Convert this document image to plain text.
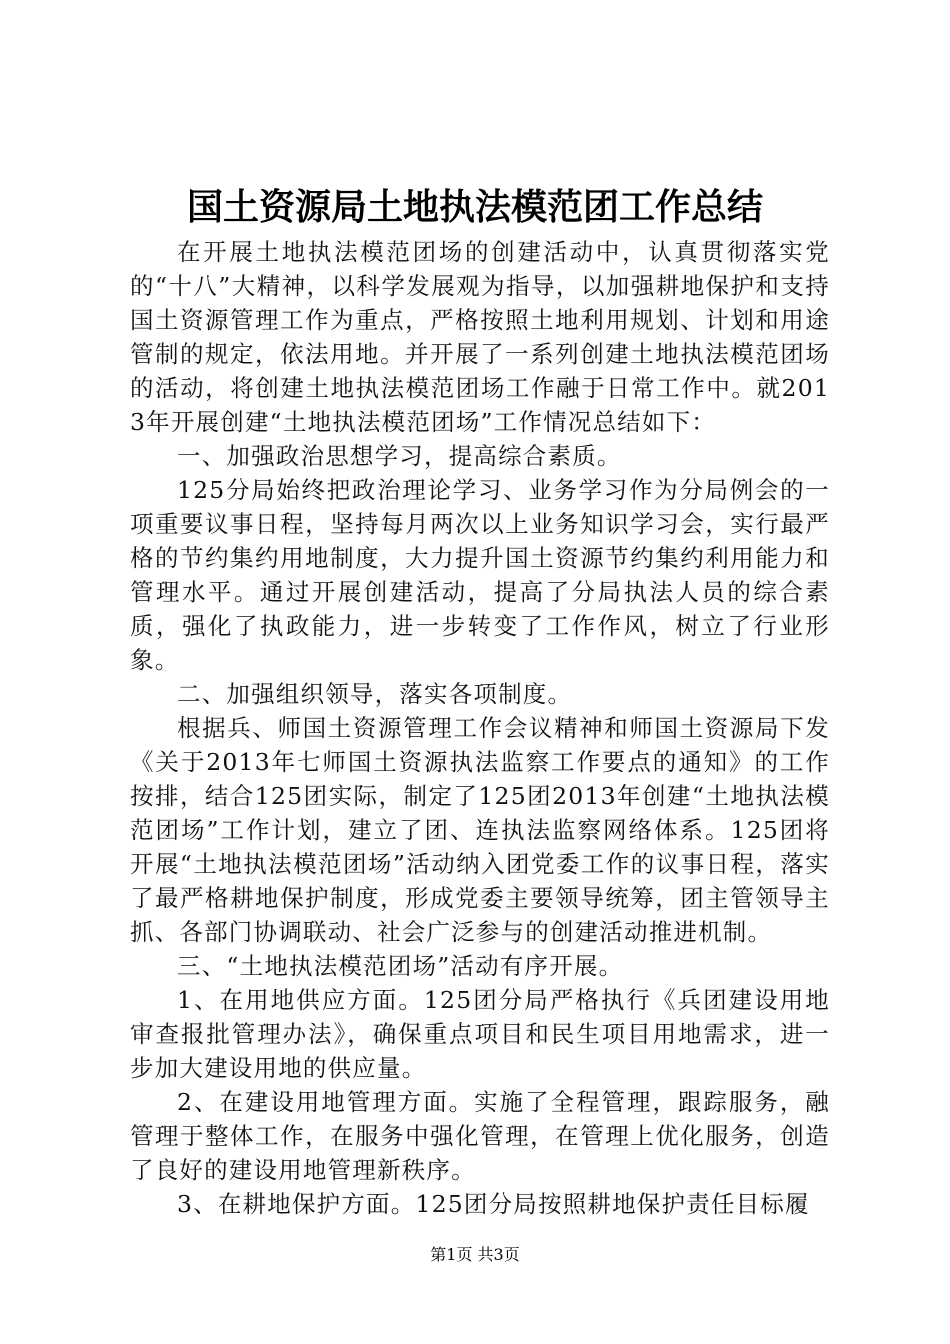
国土资源局土地执法模范团工作总结

在开展土地执法模范团场的创建活动中，认真贯彻落实党的“十八”大精神，以科学发展观为指导，以加强耕地保护和支持国土资源管理工作为重点，严格按照土地利用规划、计划和用途管制的规定，依法用地。并开展了一系列创建土地执法模范团场的活动，将创建土地执法模范团场工作融于日常工作中。就2013年开展创建“土地执法模范团场”工作情况总结如下：

一、加强政治思想学习，提高综合素质。

125分局始终把政治理论学习、业务学习作为分局例会的一项重要议事日程，坚持每月两次以上业务知识学习会，实行最严格的节约集约用地制度，大力提升国土资源节约集约利用能力和管理水平。通过开展创建活动，提高了分局执法人员的综合素质，强化了执政能力，进一步转变了工作作风，树立了行业形象。

二、加强组织领导，落实各项制度。

根据兵、师国土资源管理工作会议精神和师国土资源局下发《关于2013年七师国土资源执法监察工作要点的通知》的工作按排，结合125团实际，制定了125团2013年创建“土地执法模范团场”工作计划，建立了团、连执法监察网络体系。125团将开展“土地执法模范团场”活动纳入团党委工作的议事日程，落实了最严格耕地保护制度，形成党委主要领导统筹，团主管领导主抓、各部门协调联动、社会广泛参与的创建活动推进机制。

三、“土地执法模范团场”活动有序开展。

1、在用地供应方面。125团分局严格执行《兵团建设用地审查报批管理办法》，确保重点项目和民生项目用地需求，进一步加大建设用地的供应量。

2、在建设用地管理方面。实施了全程管理，跟踪服务，融管理于整体工作，在服务中强化管理，在管理上优化服务，创造了良好的建设用地管理新秩序。

3、在耕地保护方面。125团分局按照耕地保护责任目标履

第1页 共3页
